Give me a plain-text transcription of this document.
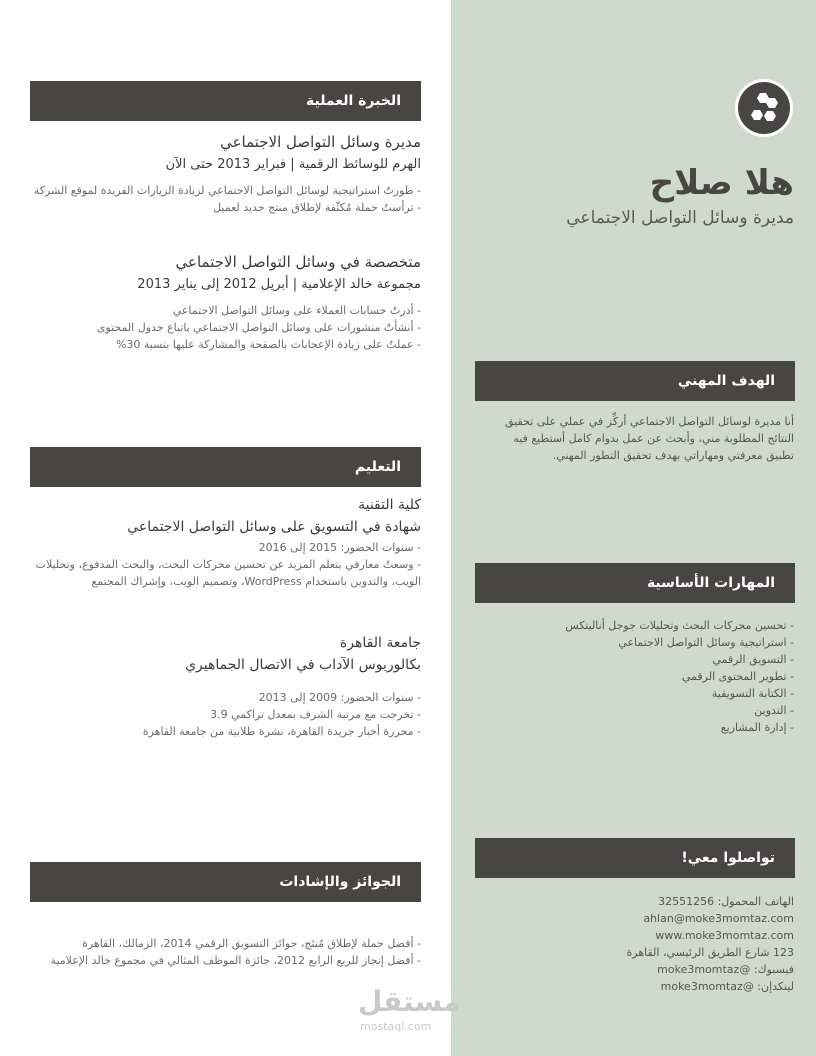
الخبرة العملية
مديرة وسائل التواصل الاجتماعي
الهرم للوسائط الرقمية | فبراير 2013 حتى الآن
- طورتُ استراتيجية لوسائل التواصل الاجتماعي لزيادة الزيارات الفريدة لموقع الشركة
- ترأستُ حملة مُكثّفة لإطلاق منتج جديد لعميل
متخصصة في وسائل التواصل الاجتماعي
مجموعة خالد الإعلامية | أبريل 2012 إلى يناير 2013
- أدرتُ حسابات العملاء على وسائل التواصل الاجتماعي
- أنشأتُ منشورات على وسائل التواصل الاجتماعي باتباع جدول المحتوى
- عملتُ على زيادة الإعجابات بالصفحة والمشاركة عليها بنسبة 30%
التعليم
كلية التقنية
شهادة في التسويق على وسائل التواصل الاجتماعي
- سنوات الحضور: 2015 إلى 2016
- وسعتُ معارفي بتعلم المزيد عن تحسين محركات البحث، والبحث المدفوع، وتحليلات الويب، والتدوين باستخدام WordPress، وتصميم الويب، وإشراك المجتمع
جامعة القاهرة
بكالوريوس الآداب في الاتصال الجماهيري
- سنوات الحضور: 2009 إلى 2013
- تخرجت مع مرتبة الشرف بمعدل تراكمي 3.9
- محررة أخبار جريدة القاهرة، نشرة طلابية من جامعة القاهرة
الجوائز والإشادات
- أفضل حملة لإطلاق مُنتَج، جوائز التسويق الرقمي 2014، الزمالك، القاهرة
- أفضل إنجاز للربع الرابع 2012، جائزة الموظف المثالي في مجموع خالد الإعلامية
هلا صلاح
مديرة وسائل التواصل الاجتماعي
الهدف المهني
أنا مديرة لوسائل التواصل الاجتماعي أركِّز في عملي على تحقيق النتائج المطلوبة مني، وأبحث عن عمل بدوام كامل أستطيع فيه تطبيق معرفتي ومهاراتي بهدف تحقيق التطور المهني.
المهارات الأساسية
- تحسين محركات البحث وتحليلات جوجل أناليتكس
- استراتيجية وسائل التواصل الاجتماعي
- التسويق الرقمي
- تطوير المحتوى الرقمي
- الكتابة التسويقية
- التدوين
- إدارة المشاريع
تواصلوا معي!
الهاتف المحمول: 32551256
ahlan@moke3momtaz.com
www.moke3momtaz.com
123 شارع الطريق الرئيسي، القاهرة
فيسبوك: @moke3momtaz
لينكدإن: @moke3momtaz
مستقل
mostaql.com
